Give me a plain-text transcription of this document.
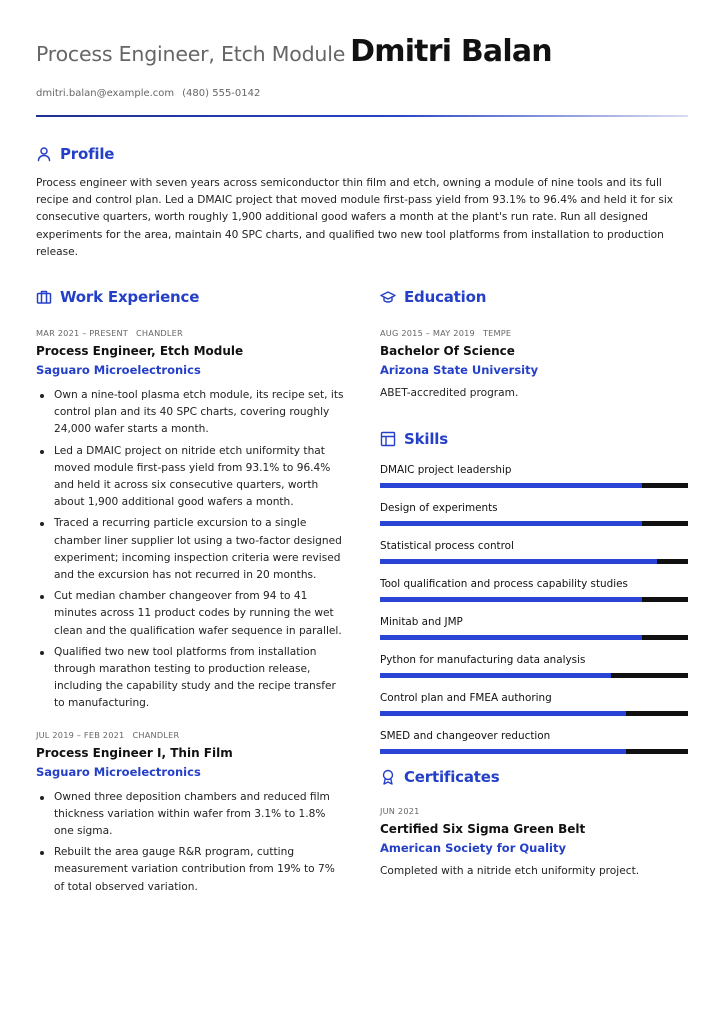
Process Engineer, Etch Module Dmitri Balan
dmitri.balan@example.com (480) 555-0142
Profile

Process engineer with seven years across semiconductor thin film and etch, owning a module of nine tools and its full recipe and control plan. Led a DMAIC project that moved module first-pass yield from 93.1% to 96.4% and held it for six consecutive quarters, worth roughly 1,900 additional good wafers a month at the plant's run rate. Run all designed experiments for the area, maintain 40 SPC charts, and qualified two new tool platforms from installation to production release.

Work Experience
MAR 2021 – PRESENT CHANDLER
Process Engineer, Etch Module
Saguaro Microelectronics
Own a nine-tool plasma etch module, its recipe set, its control plan and its 40 SPC charts, covering roughly 24,000 wafer starts a month.
Led a DMAIC project on nitride etch uniformity that moved module first-pass yield from 93.1% to 96.4% and held it across six consecutive quarters, worth about 1,900 additional good wafers a month.
Traced a recurring particle excursion to a single chamber liner supplier lot using a two-factor designed experiment; incoming inspection criteria were revised and the excursion has not recurred in 20 months.
Cut median chamber changeover from 94 to 41 minutes across 11 product codes by running the wet clean and the qualification wafer sequence in parallel.
Qualified two new tool platforms from installation through marathon testing to production release, including the capability study and the recipe transfer to manufacturing.
JUL 2019 – FEB 2021 CHANDLER
Process Engineer I, Thin Film
Saguaro Microelectronics
Owned three deposition chambers and reduced film thickness variation within wafer from 3.1% to 1.8% one sigma.
Rebuilt the area gauge R&R program, cutting measurement variation contribution from 19% to 7% of total observed variation.
Education
AUG 2015 – MAY 2019 TEMPE
Bachelor Of Science
Arizona State University
ABET-accredited program.
Skills
DMAIC project leadership
Design of experiments
Statistical process control
Tool qualification and process capability studies
Minitab and JMP
Python for manufacturing data analysis
Control plan and FMEA authoring
SMED and changeover reduction
Certificates
JUN 2021
Certified Six Sigma Green Belt
American Society for Quality
Completed with a nitride etch uniformity project.
